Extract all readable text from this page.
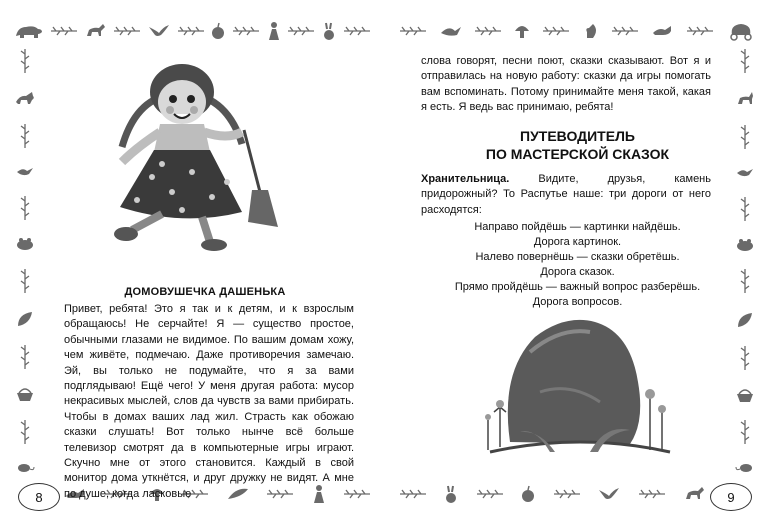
8
ДОМОВУШЕЧКА ДАШЕНЬКА

Привет, ребята! Это я так и к детям, и к взрослым обращаюсь! Не серчайте! Я — существо простое, обычными глазами не видимое. По вашим домам хожу, чем живёте, подмечаю. Даже противоречия замечаю. Эй, вы только не подумайте, что я за вами подглядываю! Ещё чего! У меня другая работа: мусор некрасивых мыслей, слов да чувств за вами прибирать. Чтобы в домах ваших лад жил. Страсть как обожаю сказки слушать! Вот только нынче всё больше телевизор смотрят да в компьютерные игры играют. Скучно мне от этого становится. Каждый в свой монитор дома уткнётся, и друг дружку не видят. А мне по душе, когда ласковые	9

слова говорят, песни поют, сказки сказывают. Вот я и отправилась на новую работу: сказки да игры помогать вам вспоминать. Потому принимайте меня такой, какая я есть. Я ведь вас принимаю, ребята!

ПУТЕВОДИТЕЛЬ
ПО МАСТЕРСКОЙ СКАЗОК

Хранительница.	Видите, друзья, камень придорожный? То Распутье наше: три дороги от него расходятся:

Направо пойдёшь — картинки найдёшь.
Дорога картинок.
Налево повернёшь — сказки обретёшь.
Дорога сказок.
Прямо пройдёшь — важный вопрос разберёшь.
Дорога вопросов.
